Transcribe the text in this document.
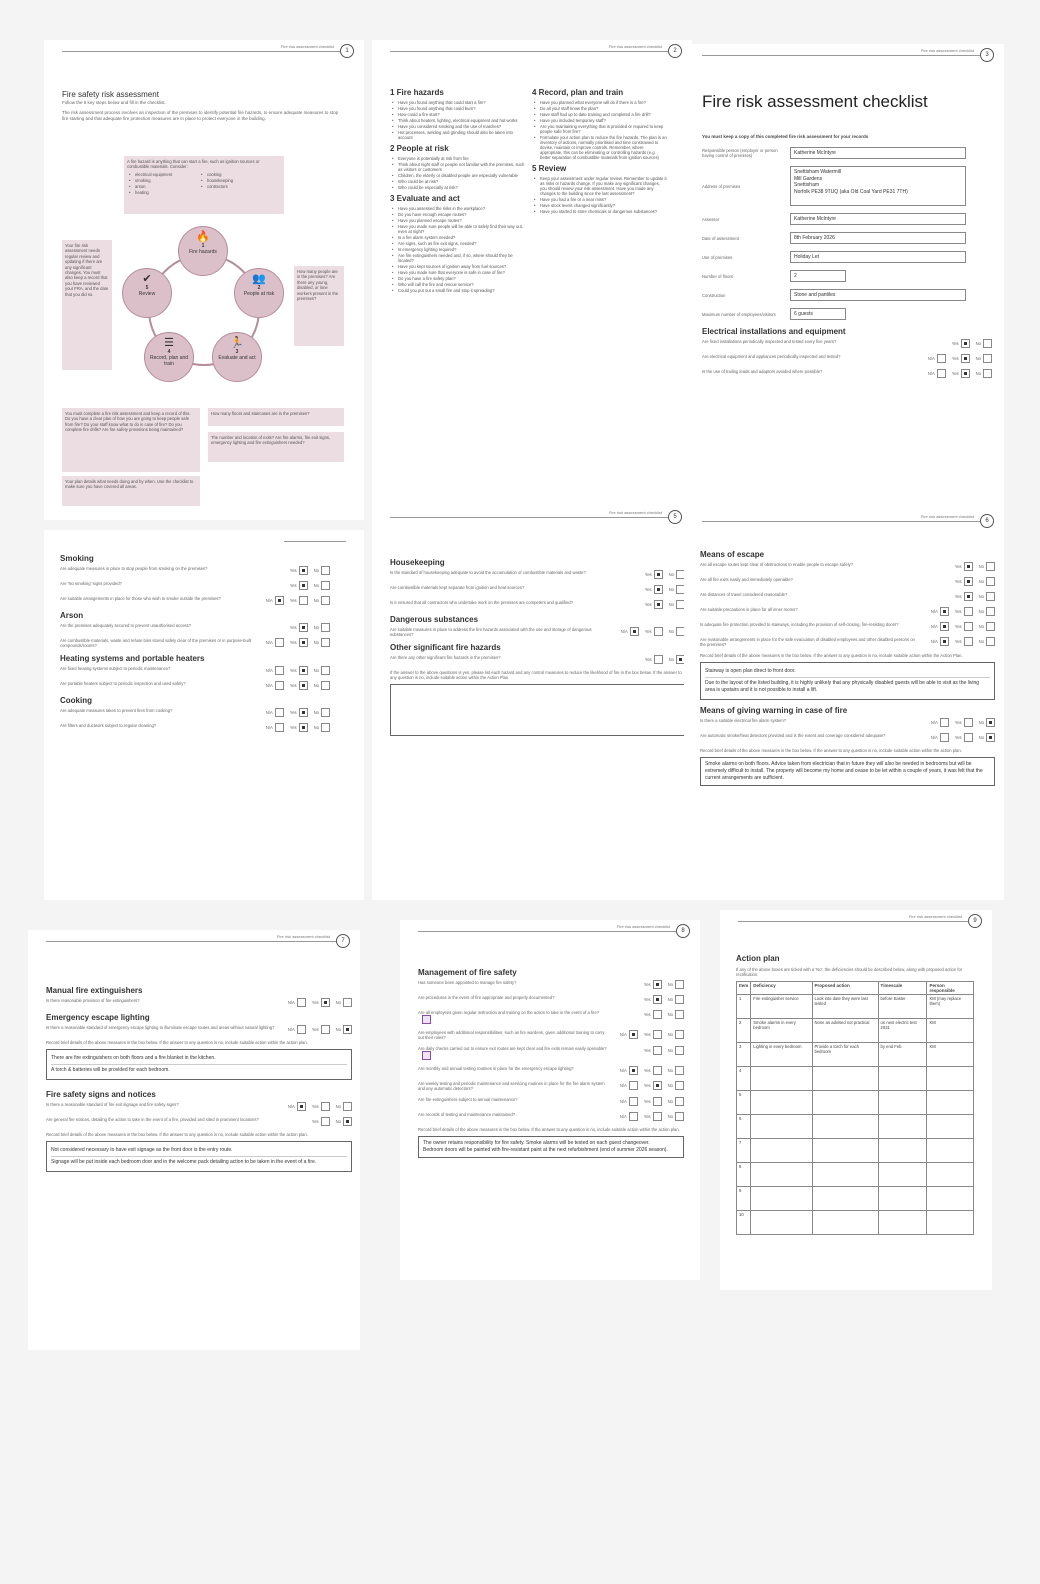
Fire risk assessment checklist
1
Fire safety risk assessment
Follow the 5 key steps below and fill in the checklist.
The risk assessment process involves an inspection of the premises to identify potential fire hazards, to ensure adequate measures to stop fire starting and that adequate fire protection measures are in place to protect everyone in the building.
A fire hazard is anything that can start a fire, such as ignition sources or combustible materials. Consider:
• electrical equipment
• smoking
• arson
• heating
• cooking
• housekeeping
• contractors
Your fire risk assessment needs regular review and updating if there are any significant changes. You must also keep a record that you have reviewed your FRA, and the date that you did so.
How many people are in the premises? Are there any young, disabled, or lone workers present in the premises?
🔥
1
Fire hazards
👥
2
People at risk
🏃
3
Evaluate and act
☰
4
Record, plan and train
✔
5
Review
You must complete a fire risk assessment and keep a record of this. Do you have a clear plan of how you are going to keep people safe from fire? Do your staff know what to do in case of fire? Do you complete fire drills? Are fire safety provisions being maintained?
Your plan details what needs doing and by when. Use the checklist to make sure you have covered all areas.
How many floors and staircases are in the premises?
The number and location of exits? Are fire alarms, fire exit signs, emergency lighting and fire extinguishers needed?
Fire risk assessment checklist
2
1 Fire hazards
• Have you found anything that could start a fire?
• Have you found anything that could burn?
• How could a fire start?
• Think about heaters, lighting, electrical equipment and hot works
• Have you considered smoking and the use of matches?
• Hot processes, welding and grinding should also be taken into account
2 People at risk
• Everyone is potentially at risk from fire
• Think about night staff or people not familiar with the premises, such as visitors or customers
• Children, the elderly or disabled people are especially vulnerable
• Who could be at risk?
• Who could be especially at risk?
3 Evaluate and act
• Have you assessed the risks in the workplace?
• Do you have enough escape routes?
• Have you planned escape routes?
• Have you made sure people will be able to safely find their way out, even at night?
• Is a fire alarm system needed?
• Are signs, such as fire exit signs, needed?
• Is emergency lighting required?
• Are fire extinguishers needed and, if so, where should they be located?
• Have you kept sources of ignition away from fuel sources?
• Have you made sure that everyone is safe in case of fire?
• Do you have a fire safety plan?
• Who will call the fire and rescue service?
• Could you put out a small fire and stop it spreading?
4 Record, plan and train
• Have you planned what everyone will do if there is a fire?
• Do all your staff know the plan?
• Have staff had up to date training and completed a fire drill?
• Have you included temporary staff?
• Are you maintaining everything that is provided or required to keep people safe from fire?
• Formulate your action plan to reduce the fire hazards. The plan is an inventory of actions, normally prioritised and time constrained to devise, maintain or improve controls. Remember, where appropriate, this can be eliminating or controlling hazards (e.g. better separation of combustible materials from ignition sources)
5 Review
• Keep your assessment under regular review. Remember to update it as risks or hazards change. If you make any significant changes, you should review your risk assessment. Have you made any changes to the building since the last assessment?
• Have you had a fire or a near miss?
• Have stock levels changed significantly?
• Have you started to store chemicals or dangerous substances?
Fire risk assessment checklist
3
Fire risk assessment checklist
You must keep a copy of this completed fire risk assessment for your records
Responsible person (employer or person having control of premises)	Katherine McIntyre
Address of premises
Snettisham Watermill
Mill Gardens
Snettisham
Norfolk PE38 9TUQ (aka Old Coal Yard PE31 7TH)
Assessor	Katherine McIntyre
Date of assessment	8th February 2026
Use of premises	Holiday Let
Number of floors	2
Construction	Stone and pantiles
Maximum number of employees/visitors	6 guests
Electrical installations and equipment
Are fixed installations periodically inspected and tested every five years?	Yes	No
Are electrical equipment and appliances periodically inspected and tested?	N/A	Yes	No
Is the use of trailing leads and adaptors avoided where possible?	N/A	Yes	No
Smoking
Are adequate measures in place to stop people from smoking on the premises?	Yes	No
Are 'No smoking' signs provided?	Yes	No
Are suitable arrangements in place for those who wish to smoke outside the premises?	N/A	Yes	No
Arson
Are the premises adequately secured to prevent unauthorised access?	Yes	No
Are combustible materials, waste and refuse bins stored safely clear of the premises or in purpose-built compounds/rooms?
N/A	Yes	No
Heating systems and portable heaters
Are fixed heating systems subject to periodic maintenance?	N/A	Yes	No
Are portable heaters subject to periodic inspection and used safely?	N/A	Yes	No
Cooking
Are adequate measures taken to prevent fires from cooking?	N/A	Yes	No
Are filters and ductwork subject to regular cleaning?	N/A	Yes	No
Fire risk assessment checklist
5
Housekeeping
Is the standard of housekeeping adequate to avoid the accumulation of combustible materials and waste?	Yes	No
Are combustible materials kept separate from ignition and heat sources?	Yes	No
Is it ensured that all contractors who undertake work on the premises are competent and qualified?	Yes	No
Dangerous substances
Are suitable measures in place to address the fire hazards associated with the use and storage of dangerous substances?
N/A	Yes	No
Other significant fire hazards
Are there any other significant fire hazards in the premises?	Yes	No
If the answer to the above questions is yes, please list each hazard and any control measures to reduce the likelihood of fire in the box below. If the answer to any question is no, include suitable action within the Action Plan.
Fire risk assessment checklist
6
Means of escape
Are all escape routes kept clear of obstructions to enable people to escape safely?	Yes	No
Are all fire exits easily and immediately openable?	Yes	No
Are distances of travel considered reasonable?	Yes	No
Are suitable precautions in place for all inner rooms?	N/A	Yes	No
Is adequate fire protection provided to stairways, including the provision of self-closing, fire-resisting doors?	N/A	Yes	No
Are reasonable arrangements in place for the safe evacuation of disabled employees and other disabled persons on the premises?
N/A	Yes	No
Record brief details of the above measures in the box below. If the answer to any question is no, include suitable action within the Action Plan.
Stairway is open plan direct to front door.
Due to the layout of the listed building, it is highly unlikely that any physically disabled guests will be able to visit as the living area is upstairs and it is not possible to install a lift.
Means of giving warning in case of fire
Is there a suitable electrical fire alarm system?	N/A	Yes	No
Are automatic smoke/heat detectors provided and is the extent and coverage considered adequate?	N/A	Yes	No
Record brief details of the above measures in the box below. If the answer to any question is no, include suitable action within the action plan.
Smoke alarms on both floors. Advice taken from electrician that in future they will also be needed in bedrooms but will be extremely difficult to install. The property will become my home and cease to be let within a couple of years, it was felt that the current arrangements are sufficient.
Fire risk assessment checklist
7
Manual fire extinguishers
Is there reasonable provision of fire extinguishers?	N/A	Yes	No
Emergency escape lighting
Is there a reasonable standard of emergency escape lighting to illuminate escape routes and areas without natural lighting?	N/A	Yes	No
Record brief details of the above measures in the box below. If the answer to any question is no, include suitable action within the action plan.
There are fire extinguishers on both floors and a fire blanket in the kitchen.
A torch & batteries will be provided for each bedroom.
Fire safety signs and notices
Is there a reasonable standard of fire exit signage and fire safety signs?	N/A	Yes	No
Are general fire notices, detailing the action to take in the event of a fire, provided and sited in prominent locations?	Yes	No
Record brief details of the above measures in the box below. If the answer to any question is no, include suitable action within the action plan.
Not considered necessary to have exit signage as the front door is the entry route.
Signage will be put inside each bedroom door and in the welcome pack detailing action to be taken in the event of a fire.
Fire risk assessment checklist
8
Management of fire safety
Has someone been appointed to manage fire safety?	Yes	No
Are procedures in the event of fire appropriate and properly documented?	Yes	No
Are all employees given regular instruction and training on the action to take in the event of a fire?	Yes	No
Are employees with additional responsibilities, such as fire wardens, given additional training to carry out their roles?
N/A	Yes	No
Are daily checks carried out to ensure exit routes are kept clear and fire exits remain easily openable?	Yes	No
Are monthly and annual testing routines in place for the emergency escape lighting?	N/A	Yes	No
Are weekly testing and periodic maintenance and servicing routines in place for the fire alarm system and any automatic detectors?
N/A	Yes	No
Are fire extinguishers subject to annual maintenance?	N/A	Yes	No
Are records of testing and maintenance maintained?	N/A	Yes	No
Record brief details of the above measures in the box below. If the answer to any question is no, include suitable action within the action plan.
The owner retains responsibility for fire safety. Smoke alarms will be tested on each guest changeover.
Bedroom doors will be painted with fire-resistant paint at the next refurbishment (end of summer 2026 season).
Fire risk assessment checklist
9
Action plan
If any of the above boxes are ticked with a 'No', the deficiencies should be described below, along with proposed action for rectification.
Item	Deficiency	Proposed action	Timescale	Person responsible
1	Fire extinguisher service	Look into date they were last tested	before Easter	KM (may replace them)
2	Smoke alarms in every bedroom	None as advised not practical	on next electric test 2031	KM
3	Lighting in every bedroom	Provide a torch for each bedroom	by end Feb	KM
4				
5				
6				
7				
8				
9				
10				
